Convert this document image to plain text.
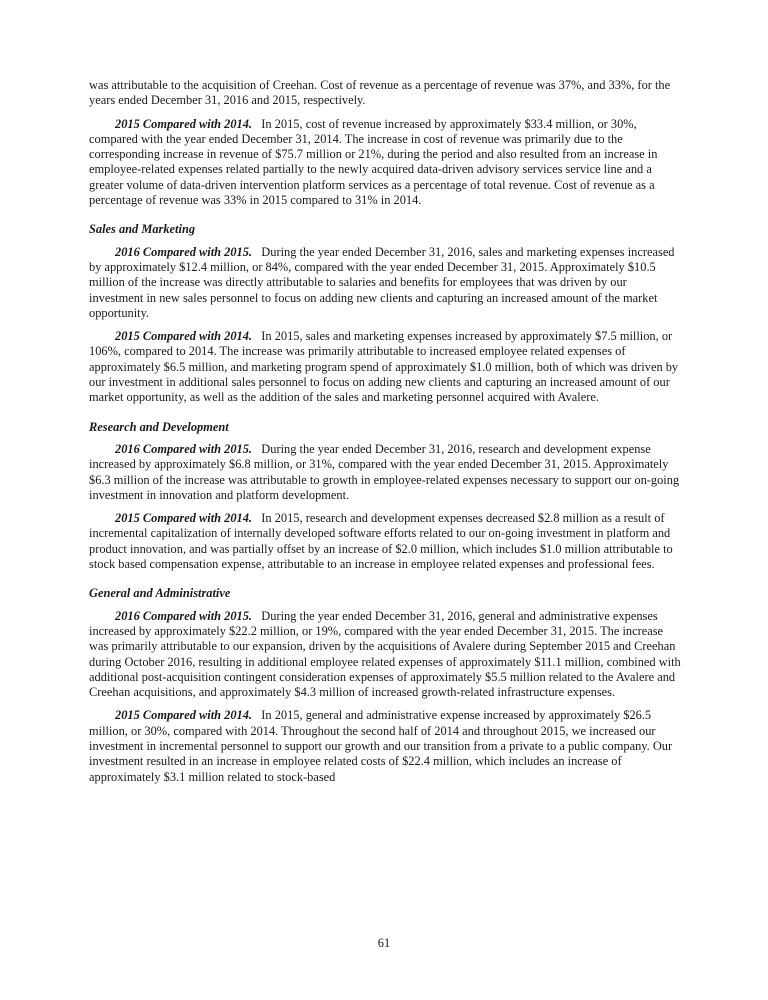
was attributable to the acquisition of Creehan. Cost of revenue as a percentage of revenue was 37%, and 33%, for the years ended December 31, 2016 and 2015, respectively.

2015 Compared with 2014. In 2015, cost of revenue increased by approximately $33.4 million, or 30%, compared with the year ended December 31, 2014. The increase in cost of revenue was primarily due to the corresponding increase in revenue of $75.7 million or 21%, during the period and also resulted from an increase in employee-related expenses related partially to the newly acquired data-driven advisory services service line and a greater volume of data-driven intervention platform services as a percentage of total revenue. Cost of revenue as a percentage of revenue was 33% in 2015 compared to 31% in 2014.

Sales and Marketing

2016 Compared with 2015. During the year ended December 31, 2016, sales and marketing expenses increased by approximately $12.4 million, or 84%, compared with the year ended December 31, 2015. Approximately $10.5 million of the increase was directly attributable to salaries and benefits for employees that was driven by our investment in new sales personnel to focus on adding new clients and capturing an increased amount of the market opportunity.

2015 Compared with 2014. In 2015, sales and marketing expenses increased by approximately $7.5 million, or 106%, compared to 2014. The increase was primarily attributable to increased employee related expenses of approximately $6.5 million, and marketing program spend of approximately $1.0 million, both of which was driven by our investment in additional sales personnel to focus on adding new clients and capturing an increased amount of our market opportunity, as well as the addition of the sales and marketing personnel acquired with Avalere.

Research and Development

2016 Compared with 2015. During the year ended December 31, 2016, research and development expense increased by approximately $6.8 million, or 31%, compared with the year ended December 31, 2015. Approximately $6.3 million of the increase was attributable to growth in employee-related expenses necessary to support our on-going investment in innovation and platform development.

2015 Compared with 2014. In 2015, research and development expenses decreased $2.8 million as a result of incremental capitalization of internally developed software efforts related to our on-going investment in platform and product innovation, and was partially offset by an increase of $2.0 million, which includes $1.0 million attributable to stock based compensation expense, attributable to an increase in employee related expenses and professional fees.

General and Administrative

2016 Compared with 2015. During the year ended December 31, 2016, general and administrative expenses increased by approximately $22.2 million, or 19%, compared with the year ended December 31, 2015. The increase was primarily attributable to our expansion, driven by the acquisitions of Avalere during September 2015 and Creehan during October 2016, resulting in additional employee related expenses of approximately $11.1 million, combined with additional post-acquisition contingent consideration expenses of approximately $5.5 million related to the Avalere and Creehan acquisitions, and approximately $4.3 million of increased growth-related infrastructure expenses.

2015 Compared with 2014. In 2015, general and administrative expense increased by approximately $26.5 million, or 30%, compared with 2014. Throughout the second half of 2014 and throughout 2015, we increased our investment in incremental personnel to support our growth and our transition from a private to a public company. Our investment resulted in an increase in employee related costs of $22.4 million, which includes an increase of approximately $3.1 million related to stock-based

61
